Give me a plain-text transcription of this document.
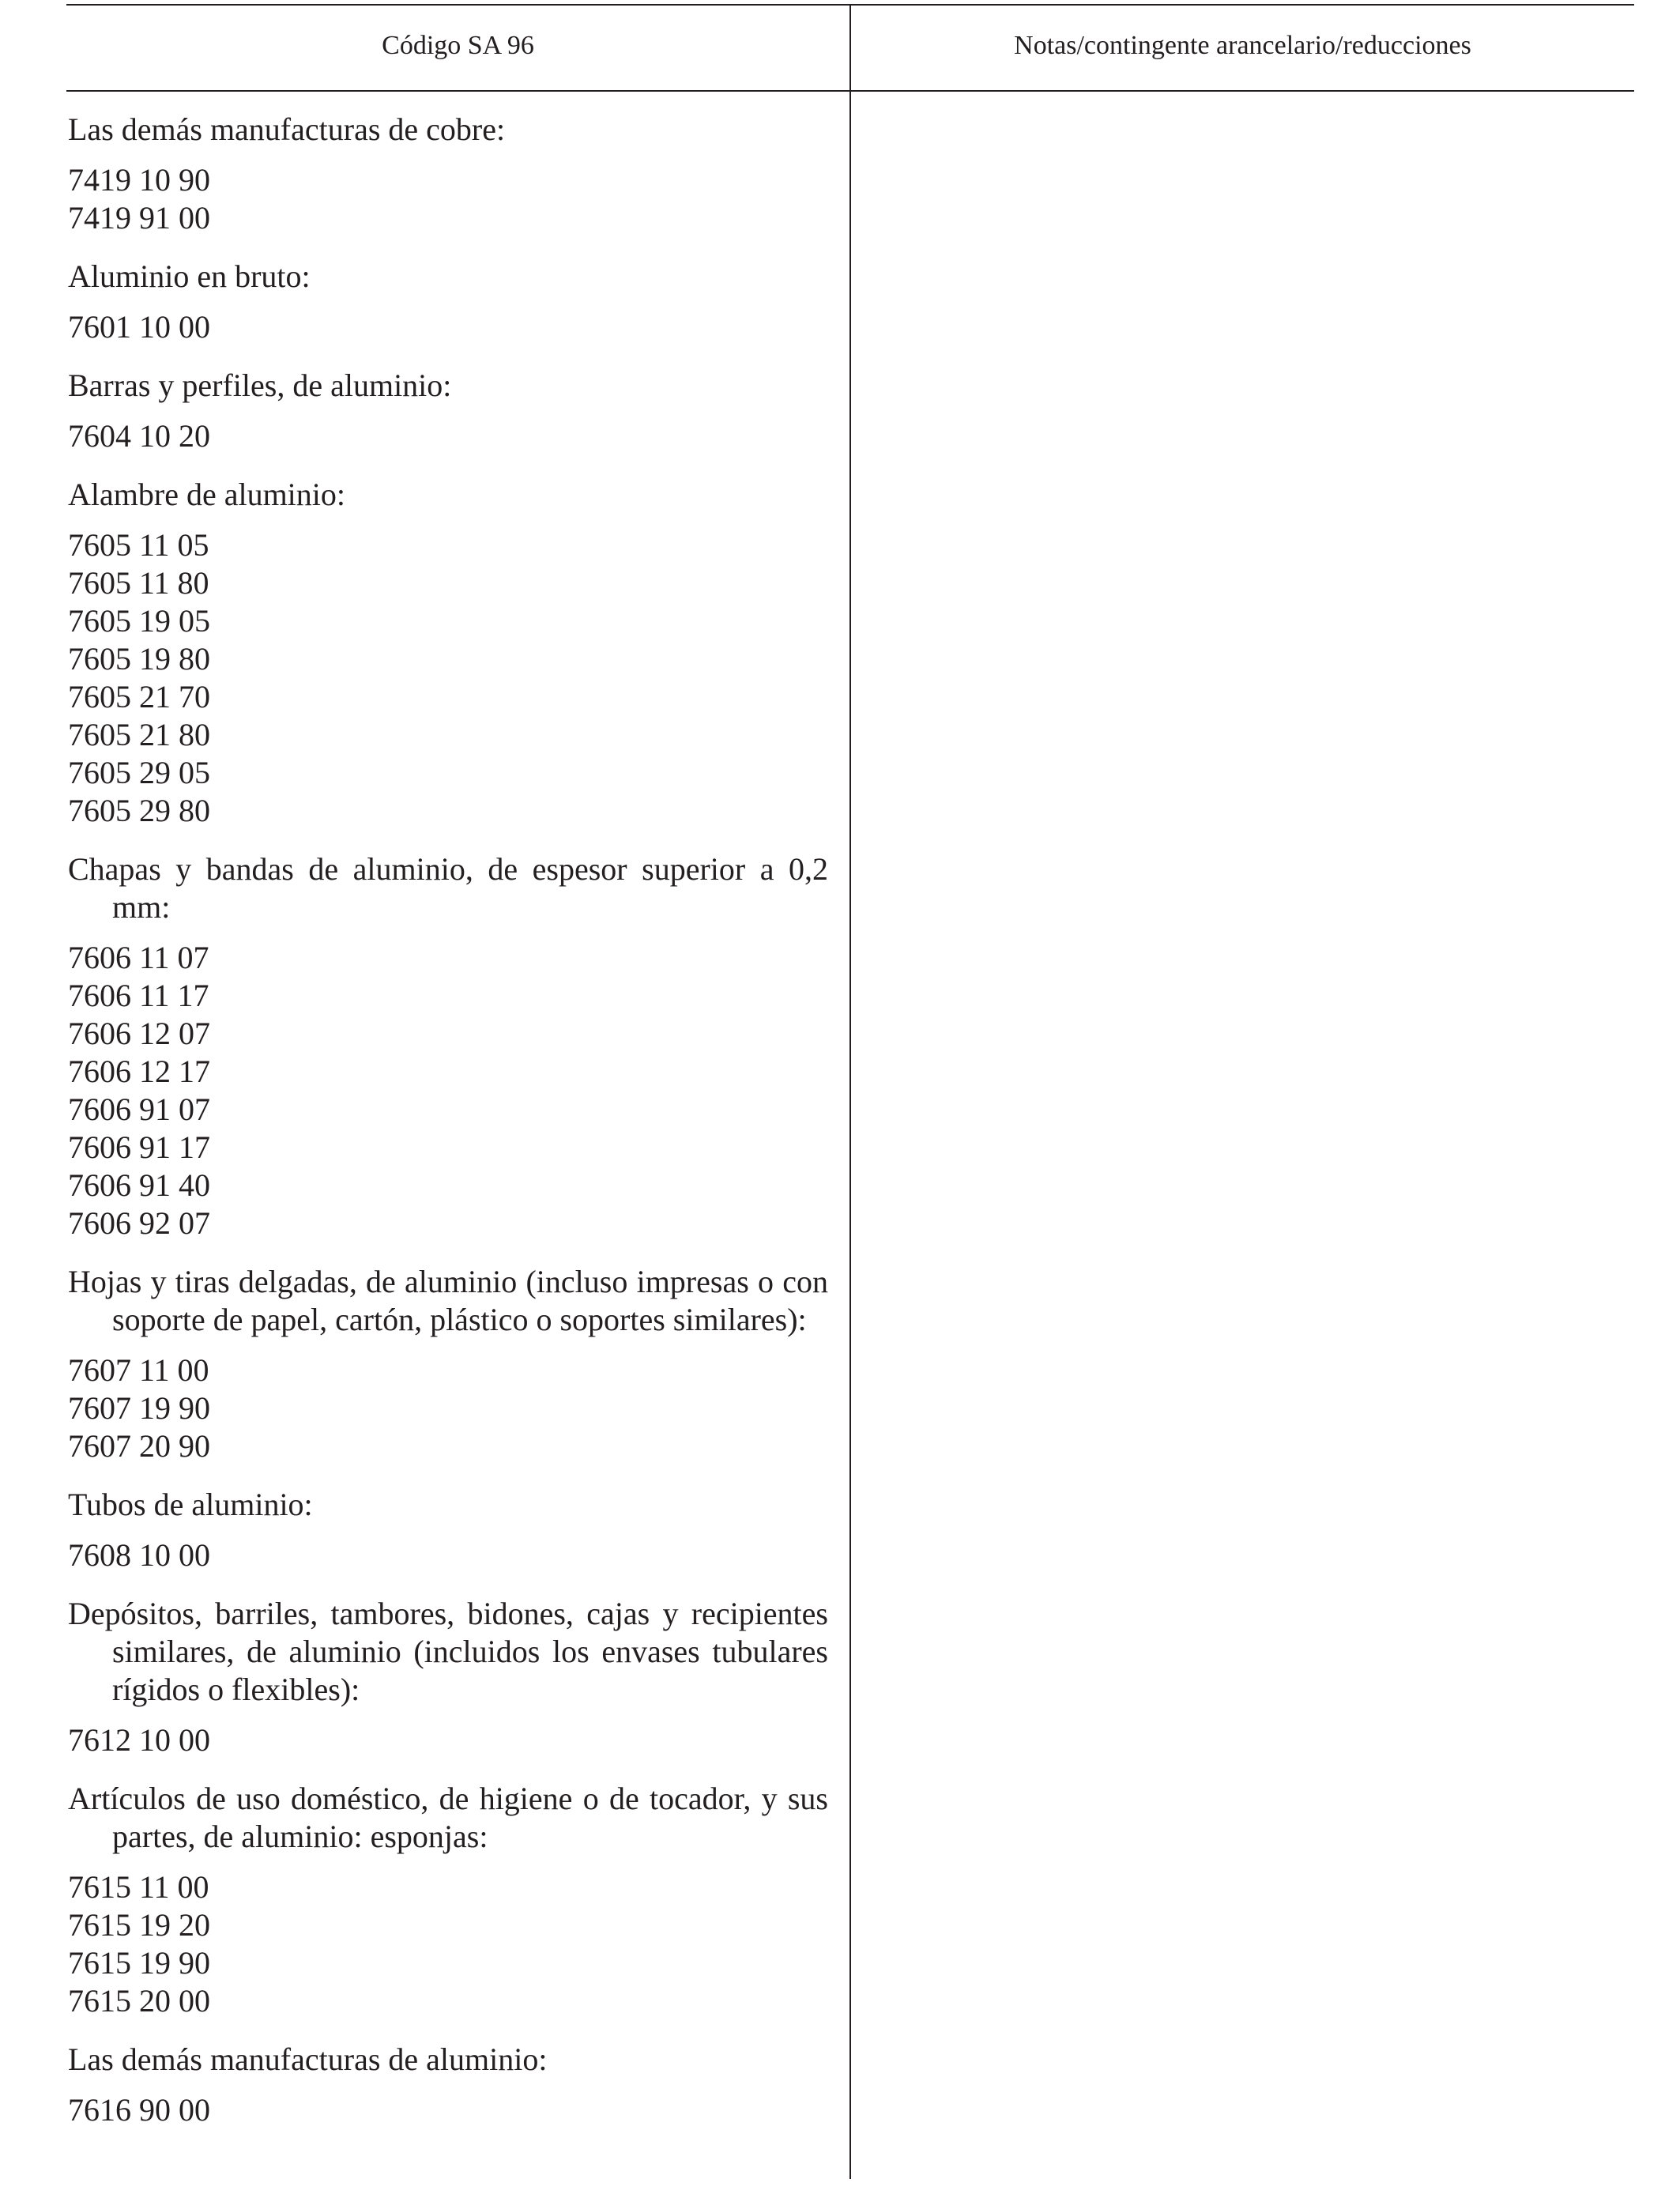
Código SA 96	Notas/contingente arancelario/reducciones
Las demás manufacturas de cobre:
7419 10 90
7419 91 00
Aluminio en bruto:
7601 10 00
Barras y perfiles, de aluminio:
7604 10 20
Alambre de aluminio:
7605 11 05
7605 11 80
7605 19 05
7605 19 80
7605 21 70
7605 21 80
7605 29 05
7605 29 80
Chapas y bandas de aluminio, de espesor superior a 0,2 mm:
7606 11 07
7606 11 17
7606 12 07
7606 12 17
7606 91 07
7606 91 17
7606 91 40
7606 92 07
Hojas y tiras delgadas, de aluminio (incluso impresas o con soporte de papel, cartón, plástico o soportes similares):
7607 11 00
7607 19 90
7607 20 90
Tubos de aluminio:
7608 10 00
Depósitos, barriles, tambores, bidones, cajas y recipientes similares, de aluminio (incluidos los envases tubulares rígidos o flexibles):
7612 10 00
Artículos de uso doméstico, de higiene o de tocador, y sus partes, de aluminio: esponjas:
7615 11 00
7615 19 20
7615 19 90
7615 20 00
Las demás manufacturas de aluminio:
7616 90 00
